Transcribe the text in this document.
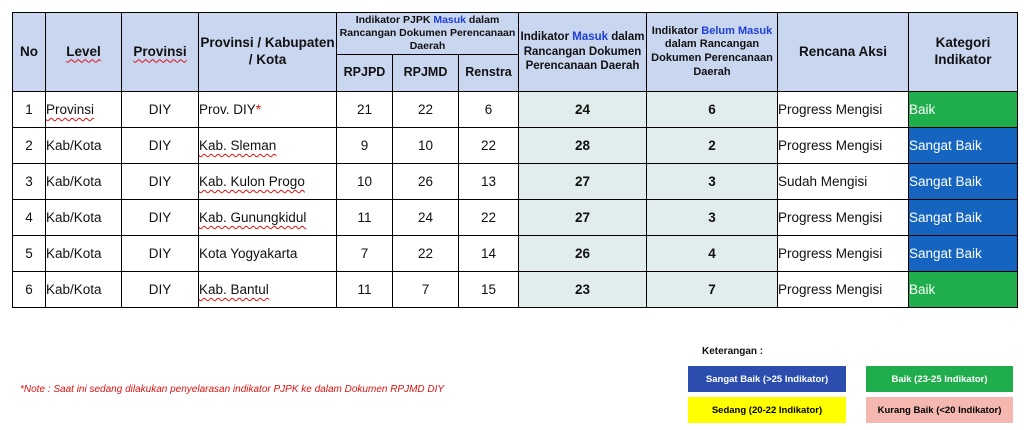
No	Level	Provinsi	Provinsi / Kabupaten / Kota	Indikator PJPK Masuk dalam Rancangan Dokumen Perencanaan Daerah			Indikator Masuk dalam Rancangan Dokumen Perencanaan Daerah	Indikator Belum Masuk dalam Rancangan Dokumen Perencanaan Daerah	Rencana Aksi	Kategori Indikator
				RPJPD	RPJMD	Renstra				
1	Provinsi	DIY	Prov. DIY*	21	22	6	24	6	Progress Mengisi	Baik
2	Kab/Kota	DIY	Kab. Sleman	9	10	22	28	2	Progress Mengisi	Sangat Baik
3	Kab/Kota	DIY	Kab. Kulon Progo	10	26	13	27	3	Sudah Mengisi	Sangat Baik
4	Kab/Kota	DIY	Kab. Gunungkidul	11	24	22	27	3	Progress Mengisi	Sangat Baik
5	Kab/Kota	DIY	Kota Yogyakarta	7	22	14	26	4	Progress Mengisi	Sangat Baik
6	Kab/Kota	DIY	Kab. Bantul	11	7	15	23	7	Progress Mengisi	Baik
*Note : Saat ini sedang dilakukan penyelarasan indikator PJPK ke dalam Dokumen RPJMD DIY
Keterangan :
Sangat Baik (>25 Indikator)	Baik (23-25 Indikator)
Sedang (20-22 Indikator)	Kurang Baik (<20 Indikator)
